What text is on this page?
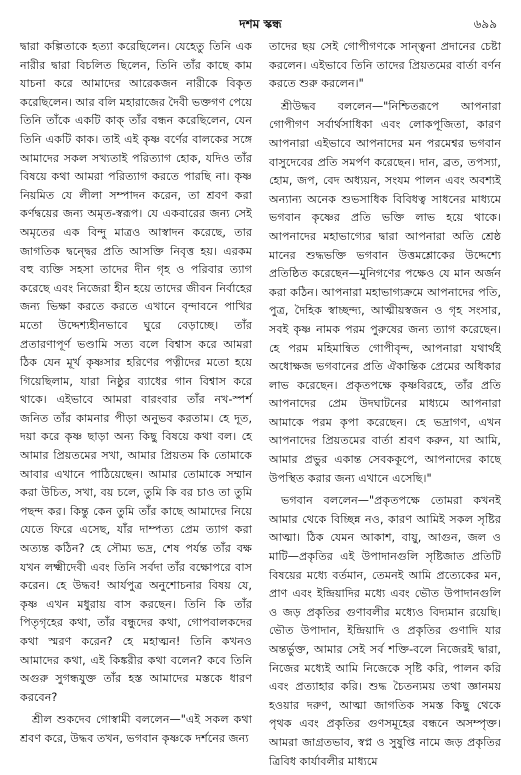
দশম স্কন্ধ	৬৯৯

দ্বারা কল্পিতাকে হত্যা করেছিলেন। যেহেতু তিনি এক নারীর দ্বারা বিচলিত ছিলেন, তিনি তাঁর কাছে কাম যাচনা করে আমাদের আরেকজন নারীকে বিকৃত করেছিলেন। আর বলি মহারাজের দৈবী ভক্তগণ পেয়ে তিনি তাঁকে একটি কাক্ তাঁর বন্ধন করেছিলেন, যেন তিনি একটি কাক। তাই এই কৃষ্ণ বর্ণের বালকের সঙ্গে আমাদের সকল সখ্যতাই পরিত্যাগ হোক, যদিও তাঁর বিষয়ে কথা আমরা পরিত্যাগ করতে পারছি না। কৃষ্ণ নিয়মিত যে লীলা সম্পাদন করেন, তা শ্রবণ করা কর্ণদ্বয়ের জন্য অমৃত-স্বরূপ। যে একবারের জন্য সেই অমৃতের এক বিন্দু মাত্রও আস্বাদন করেছে, তার জাগতিক দ্বন্দ্বের প্রতি আসক্তি নিবৃত্ত হয়। এরকম বহু ব্যক্তি সহসা তাদের দীন গৃহ ও পরিবার ত্যাগ করেছে এবং নিজেরা হীন হয়ে তাদের জীবন নির্বাহের জন্য ভিক্ষা করতে করতে এখানে বৃন্দাবনে পাখির মতো উদ্দেশ্যহীনভাবে ঘুরে বেড়াচ্ছে। তাঁর প্রতারণাপূর্ণ ভণ্ডামি সত্য বলে বিশ্বাস করে আমরা ঠিক যেন মূর্খ কৃষ্ণসার হরিণের পত্নীদের মতো হয়ে গিয়েছিলাম, যারা নিষ্ঠুর ব্যাধের গান বিশ্বাস করে থাকে। এইভাবে আমরা বারংবার তাঁর নখ-স্পর্শ জনিত তাঁর কামনার পীড়া অনুভব করতাম। হে দূত, দয়া করে কৃষ্ণ ছাড়া অন্য কিছু বিষয়ে কথা বল। হে আমার প্রিয়তমের সখা, আমার প্রিয়তম কি তোমাকে আবার এখানে পাঠিয়েছেন। আমার তোমাকে সম্মান করা উচিত, সখা, বয় চলে, তুমি কি বর চাও তা তুমি পছন্দ কর। কিন্তু কেন তুমি তাঁর কাছে আমাদের নিয়ে যেতে ফিরে এসেছ, যাঁর দাম্পত্য প্রেম ত্যাগ করা অত্যন্ত কঠিন? হে সৌম্য ভদ্র, শেষ পর্যন্ত তাঁর বক্ষ যখন লক্ষ্মীদেবী এবং তিনি সর্বদা তাঁর বক্ষোপরে বাস করেন। হে উদ্ধব! আর্যপুত্র অনুশোচনার বিষয় যে, কৃষ্ণ এখন মধুরায় বাস করছেন। তিনি কি তাঁর পিতৃগৃহের কথা, তাঁর বন্ধুদের কথা, গোপবালকদের কথা স্মরণ করেন? হে মহাত্মন! তিনি কখনও আমাদের কথা, এই কিঙ্করীর কথা বলেন? কবে তিনি অগুরু সুগন্ধযুক্ত তাঁর হস্ত আমাদের মস্তকে ধারণ করবেন?

শ্রীল শুকদেব গোস্বামী বললেন—"এই সকল কথা শ্রবণ করে, উদ্ধব তখন, ভগবান কৃষ্ণকে দর্শনের জন্য

তাদের ছয় সেই গোপীগণকে সান্ত্বনা প্রদানের চেষ্টা করলেন। এইভাবে তিনি তাদের প্রিয়তমের বার্তা বর্ণন করতে শুরু করলেন।"

শ্রীউদ্ধব বললেন—"নিশ্চিতরূপে আপনারা গোপীগণ সর্বার্থসাধিকা এবং লোকপূজিতা, কারণ আপনারা এইভাবে আপনাদের মন পরমেশ্বর ভগবান বাসুদেবের প্রতি সমর্পণ করেছেন। দান, ব্রত, তপস্যা, হোম, জপ, বেদ অধ্যয়ন, সংযম পালন এবং অবশ্যই অন্যান্য অনেক শুভসাধিক বিবিধত্ব সাধনের মাধ্যমে ভগবান কৃষ্ণের প্রতি ভক্তি লাভ হয়ে থাকে। আপনাদের মহাভাগ্যের দ্বারা আপনারা অতি শ্রেষ্ঠ মানের শুদ্ধভক্তি ভগবান উত্তমশ্লোকের উদ্দেশ্যে প্রতিষ্ঠিত করেছেন—মুনিগণের পক্ষেও যে মান অর্জন করা কঠিন। আপনারা মহাভাগ্যক্রমে আপনাদের পতি, পুত্র, দৈহিক স্বাচ্ছন্দ্য, আত্মীয়স্বজন ও গৃহ সংসার, সবই কৃষ্ণ নামক পরম পুরুষের জন্য ত্যাগ করেছেন। হে পরম মহিমান্বিত গোপীবৃন্দ, আপনারা যথার্থই অধোক্ষজ ভগবানের প্রতি ঐকান্তিক প্রেমের অধিকার লাভ করেছেন। প্রকৃতপক্ষে কৃষ্ণবিরহে, তাঁর প্রতি আপনাদের প্রেম উদঘাটনের মাধ্যমে আপনারা আমাকে পরম কৃপা করেছেন। হে ভদ্রাগণ, এখন আপনাদের প্রিয়তমের বার্তা শ্রবণ করুন, যা আমি, আমার প্রভুর একান্ত সেবককূপে, আপনাদের কাছে উপস্থিত করার জন্য এখানে এসেছি।"

ভগবান বললেন—"প্রকৃতপক্ষে তোমরা কখনই আমার থেকে বিচ্ছিন্ন নও, কারণ আমিই সকল সৃষ্টির আত্মা। ঠিক যেমন আকাশ, বায়ু, আগুন, জল ও মাটি—প্রকৃতির এই উপাদানগুলি সৃষ্টিজাত প্রতিটি বিষয়ের মধ্যে বর্তমান, তেমনই আমি প্রত্যেকের মন, প্রাণ এবং ইন্দ্রিয়াদির মধ্যে এবং ভৌত উপাদানগুলি ও জড় প্রকৃতির গুণাবলীর মধ্যেও বিদ্যমান রয়েছি। ভৌত উপাদান, ইন্দ্রিয়াদি ও প্রকৃতির গুণাদি যার অন্তর্ভুক্ত, আমার সেই সর্ব শক্তি-বলে নিজেরই দ্বারা, নিজের মধ্যেই আমি নিজেকে সৃষ্টি করি, পালন করি এবং প্রত্যাহার করি। শুদ্ধ চৈতন্যময় তথা জ্ঞানময় হওয়ার দরুণ, আত্মা জাগতিক সমস্ত কিছু থেকে পৃথক এবং প্রকৃতির গুণসমূহের বন্ধনে অসম্পৃক্ত। আমরা জাগ্রতভাব, স্বপ্ন ও সুষুপ্তি নামে জড় প্রকৃতির ত্রিবিধ কার্যাবলীর মাধ্যমে
